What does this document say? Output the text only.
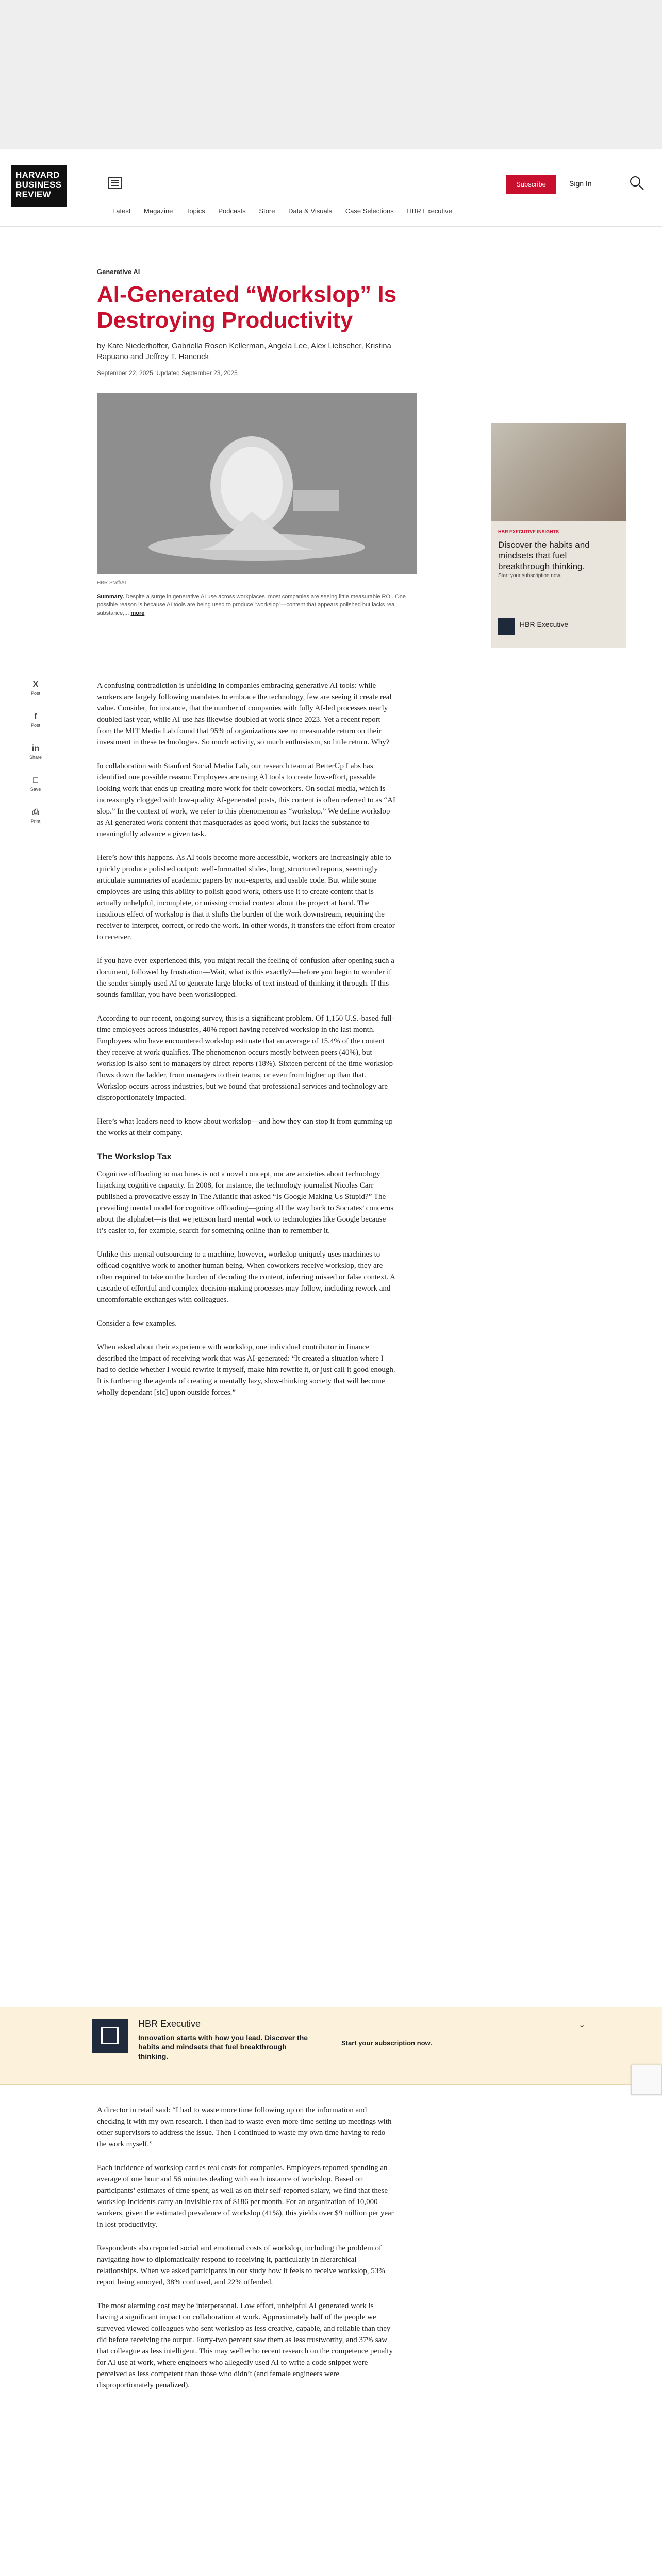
HARVARD BUSINESS REVIEW
Subscribe	Sign In
Latest Magazine Topics Podcasts Store Data & Visuals Case Selections HBR Executive
Generative AI
AI-Generated “Workslop” Is Destroying Productivity
by Kate Niederhoffer, Gabriella Rosen Kellerman, Angela Lee, Alex Liebscher, Kristina Rapuano and Jeffrey T. Hancock
September 22, 2025, Updated September 23, 2025
HBR Staff/AI
Summary. Despite a surge in generative AI use across workplaces, most companies are seeing little measurable ROI. One possible reason is because AI tools are being used to produce “workslop”—content that appears polished but lacks real substance,... more
X
Post
f
Post
in
Share
□
Save
⎙
Print
HBR EXECUTIVE INSIGHTS
Discover the habits and mindsets that fuel breakthrough thinking.
Start your subscription now.
HBR Executive

A confusing contradiction is unfolding in companies embracing generative AI tools: while workers are largely following mandates to embrace the technology, few are seeing it create real value. Consider, for instance, that the number of companies with fully AI-led processes nearly doubled last year, while AI use has likewise doubled at work since 2023. Yet a recent report from the MIT Media Lab found that 95% of organizations see no measurable return on their investment in these technologies. So much activity, so much enthusiasm, so little return. Why?

In collaboration with Stanford Social Media Lab, our research team at BetterUp Labs has identified one possible reason: Employees are using AI tools to create low-effort, passable looking work that ends up creating more work for their coworkers. On social media, which is increasingly clogged with low-quality AI-generated posts, this content is often referred to as “AI slop.” In the context of work, we refer to this phenomenon as “workslop.” We define workslop as AI generated work content that masquerades as good work, but lacks the substance to meaningfully advance a given task.

Here’s how this happens. As AI tools become more accessible, workers are increasingly able to quickly produce polished output: well-formatted slides, long, structured reports, seemingly articulate summaries of academic papers by non-experts, and usable code. But while some employees are using this ability to polish good work, others use it to create content that is actually unhelpful, incomplete, or missing crucial context about the project at hand. The insidious effect of workslop is that it shifts the burden of the work downstream, requiring the receiver to interpret, correct, or redo the work. In other words, it transfers the effort from creator to receiver.

If you have ever experienced this, you might recall the feeling of confusion after opening such a document, followed by frustration—Wait, what is this exactly?—before you begin to wonder if the sender simply used AI to generate large blocks of text instead of thinking it through. If this sounds familiar, you have been workslopped.

According to our recent, ongoing survey, this is a significant problem. Of 1,150 U.S.-based full-time employees across industries, 40% report having received workslop in the last month. Employees who have encountered workslop estimate that an average of 15.4% of the content they receive at work qualifies. The phenomenon occurs mostly between peers (40%), but workslop is also sent to managers by direct reports (18%). Sixteen percent of the time workslop flows down the ladder, from managers to their teams, or even from higher up than that. Workslop occurs across industries, but we found that professional services and technology are disproportionately impacted.

Here’s what leaders need to know about workslop—and how they can stop it from gumming up the works at their company.

The Workslop Tax

Cognitive offloading to machines is not a novel concept, nor are anxieties about technology hijacking cognitive capacity. In 2008, for instance, the technology journalist Nicolas Carr published a provocative essay in The Atlantic that asked “Is Google Making Us Stupid?” The prevailing mental model for cognitive offloading—going all the way back to Socrates’ concerns about the alphabet—is that we jettison hard mental work to technologies like Google because it’s easier to, for example, search for something online than to remember it.

Unlike this mental outsourcing to a machine, however, workslop uniquely uses machines to offload cognitive work to another human being. When coworkers receive workslop, they are often required to take on the burden of decoding the content, inferring missed or false context. A cascade of effortful and complex decision-making processes may follow, including rework and uncomfortable exchanges with colleagues.

Consider a few examples.

When asked about their experience with workslop, one individual contributor in finance described the impact of receiving work that was AI-generated: “It created a situation where I had to decide whether I would rewrite it myself, make him rewrite it, or just call it good enough. It is furthering the agenda of creating a mentally lazy, slow-thinking society that will become wholly dependant [sic] upon outside forces.”

HBR Executive
Innovation starts with how you lead. Discover the habits and mindsets that fuel breakthrough thinking.
Start your subscription now.
⌄

A director in retail said: “I had to waste more time following up on the information and checking it with my own research. I then had to waste even more time setting up meetings with other supervisors to address the issue. Then I continued to waste my own time having to redo the work myself.”

Each incidence of workslop carries real costs for companies. Employees reported spending an average of one hour and 56 minutes dealing with each instance of workslop. Based on participants’ estimates of time spent, as well as on their self-reported salary, we find that these workslop incidents carry an invisible tax of $186 per month. For an organization of 10,000 workers, given the estimated prevalence of workslop (41%), this yields over $9 million per year in lost productivity.

Respondents also reported social and emotional costs of workslop, including the problem of navigating how to diplomatically respond to receiving it, particularly in hierarchical relationships. When we asked participants in our study how it feels to receive workslop, 53% report being annoyed, 38% confused, and 22% offended.

The most alarming cost may be interpersonal. Low effort, unhelpful AI generated work is having a significant impact on collaboration at work. Approximately half of the people we surveyed viewed colleagues who sent workslop as less creative, capable, and reliable than they did before receiving the output. Forty-two percent saw them as less trustworthy, and 37% saw that colleague as less intelligent. This may well echo recent research on the competence penalty for AI use at work, where engineers who allegedly used AI to write a code snippet were perceived as less competent than those who didn’t (and female engineers were disproportionately penalized).
